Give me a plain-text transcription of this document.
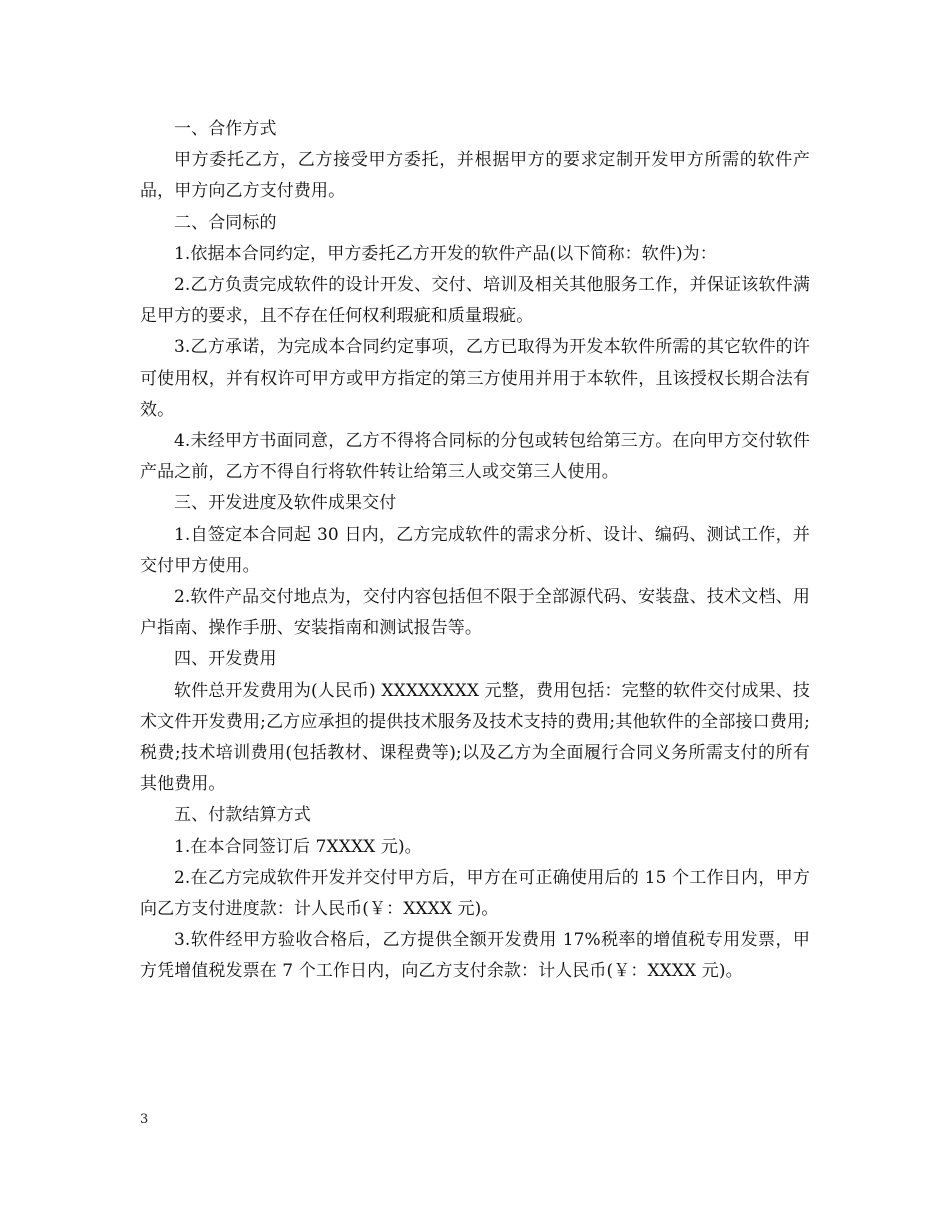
一、合作方式

甲方委托乙方，乙方接受甲方委托，并根据甲方的要求定制开发甲方所需的软件产品，甲方向乙方支付费用。

二、合同标的

1.依据本合同约定，甲方委托乙方开发的软件产品(以下简称：软件)为：

2.乙方负责完成软件的设计开发、交付、培训及相关其他服务工作，并保证该软件满足甲方的要求，且不存在任何权利瑕疵和质量瑕疵。

3.乙方承诺，为完成本合同约定事项，乙方已取得为开发本软件所需的其它软件的许可使用权，并有权许可甲方或甲方指定的第三方使用并用于本软件，且该授权长期合法有效。

4.未经甲方书面同意，乙方不得将合同标的分包或转包给第三方。在向甲方交付软件产品之前，乙方不得自行将软件转让给第三人或交第三人使用。

三、开发进度及软件成果交付

1.自签定本合同起 30 日内，乙方完成软件的需求分析、设计、编码、测试工作，并交付甲方使用。

2.软件产品交付地点为，交付内容包括但不限于全部源代码、安装盘、技术文档、用户指南、操作手册、安装指南和测试报告等。

四、开发费用

软件总开发费用为(人民币) XXXXXXXX 元整，费用包括：完整的软件交付成果、技术文件开发费用;乙方应承担的提供技术服务及技术支持的费用;其他软件的全部接口费用;税费;技术培训费用(包括教材、课程费等);以及乙方为全面履行合同义务所需支付的所有其他费用。

五、付款结算方式

1.在本合同签订后 7XXXX 元)。

2.在乙方完成软件开发并交付甲方后，甲方在可正确使用后的 15 个工作日内，甲方向乙方支付进度款：计人民币(￥：XXXX 元)。

3.软件经甲方验收合格后，乙方提供全额开发费用 17%税率的增值税专用发票，甲方凭增值税发票在 7 个工作日内，向乙方支付余款：计人民币(￥：XXXX 元)。

3
